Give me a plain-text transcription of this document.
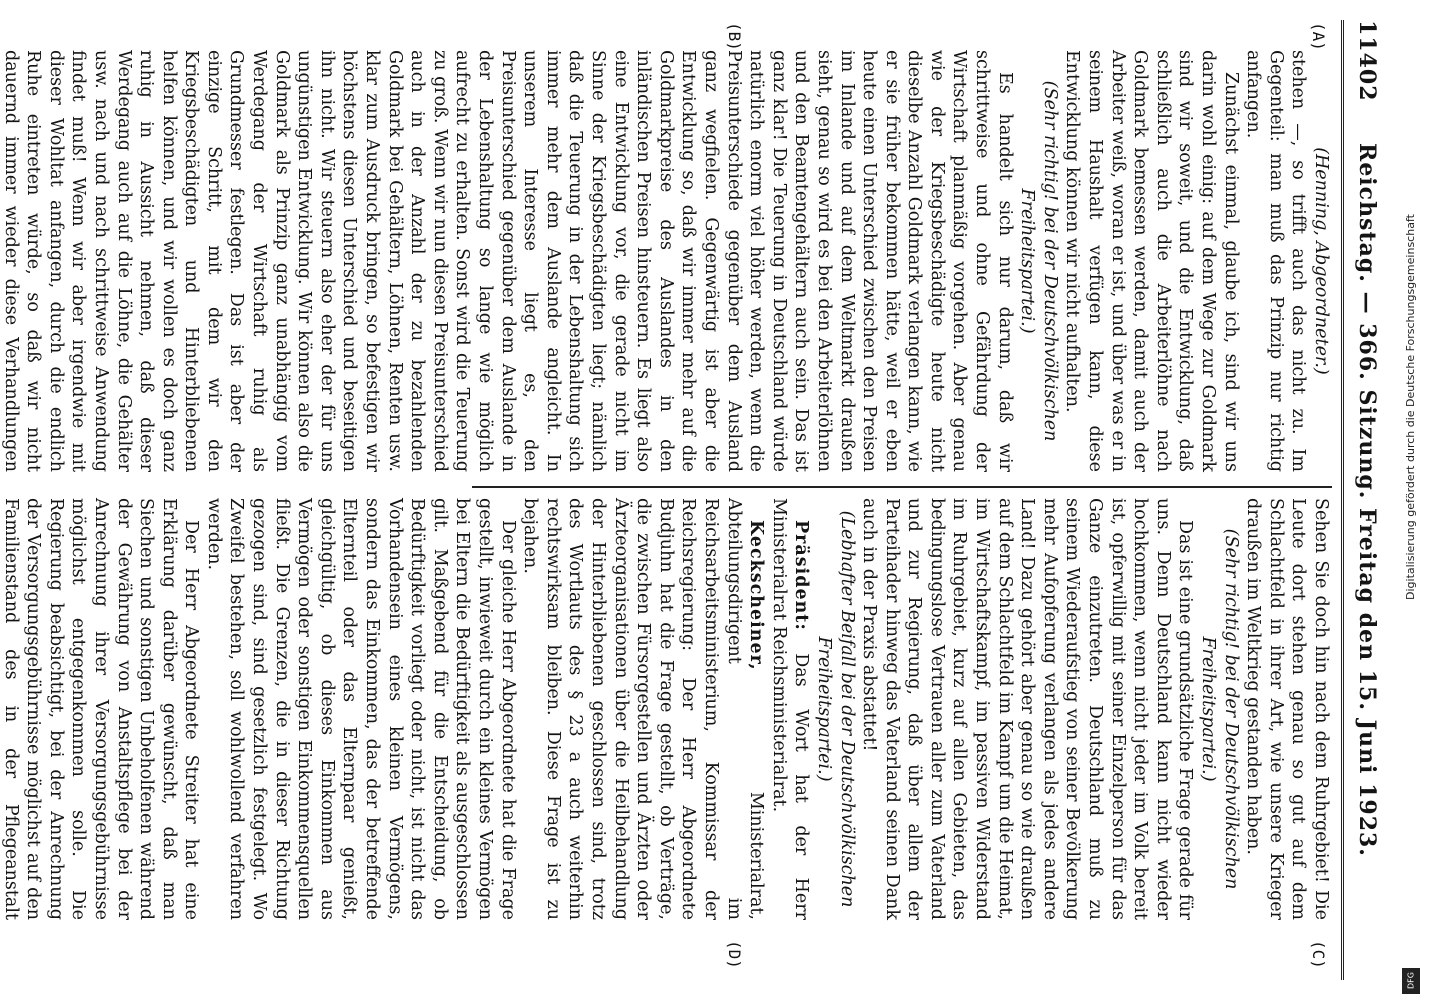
11402
Reichstag. — 366. Sitzung. Freitag den 15. Juni 1923.
(A)
(B)
(C)
(D)

(Henning, Abgeordneter.)

stehen —, so trifft auch das nicht zu. Im Gegenteil: man muß das Prinzip nur richtig anfangen.

Zunächst einmal, glaube ich, sind wir uns darin wohl einig: auf dem Wege zur Goldmark sind wir soweit, und die Entwicklung, daß schließlich auch die Arbeiterlöhne nach Goldmark bemessen werden, damit auch der Arbeiter weiß, woran er ist, und über was er in seinem Haushalt verfügen kann, diese Entwicklung können wir nicht aufhalten.

(Sehr richtig! bei der Deutschvölkischen Freiheitspartei.)

Es handelt sich nur darum, daß wir schrittweise und ohne Gefährdung der Wirtschaft planmäßig vorgehen. Aber genau wie der Kriegsbeschädigte heute nicht dieselbe Anzahl Goldmark verlangen kann, wie er sie früher bekommen hätte, weil er eben heute einen Unterschied zwischen den Preisen im Inlande und auf dem Weltmarkt draußen sieht, genau so wird es bei den Arbeiterlöhnen und den Beamtengehältern auch sein. Das ist ganz klar! Die Teuerung in Deutschland würde natürlich enorm viel höher werden, wenn die Preisunterschiede gegenüber dem Ausland ganz wegfielen. Gegenwärtig ist aber die Entwicklung so, daß wir immer mehr auf die Goldmarkpreise des Auslandes in den inländischen Preisen hinsteuern. Es liegt also eine Entwicklung vor, die gerade nicht im Sinne der Kriegsbeschädigten liegt; nämlich daß die Teuerung in der Lebenshaltung sich immer mehr dem Auslande angleicht. In unserem Interesse liegt es, den Preisunterschied gegenüber dem Auslande in der Lebenshaltung so lange wie möglich aufrecht zu erhalten. Sonst wird die Teuerung zu groß. Wenn wir nun diesen Preisunterschied auch in der Anzahl der zu bezahlenden Goldmark bei Gehältern, Löhnen, Renten usw. klar zum Ausdruck bringen, so befestigen wir höchstens diesen Unterschied und beseitigen ihn nicht. Wir steuern also eher der für uns ungünstigen Entwicklung. Wir können also die Goldmark als Prinzip ganz unabhängig vom Werdegang der Wirtschaft ruhig als Grundmesser festlegen. Das ist aber der einzige Schritt, mit dem wir den Kriegsbeschädigten und Hinterbliebenen helfen können, und wir wollen es doch ganz ruhig in Aussicht nehmen, daß dieser Werdegang auch auf die Löhne, die Gehälter usw. nach und nach schrittweise Anwendung findet muß! Wenn wir aber irgendwie mit dieser Wohltat anfangen, durch die endlich Ruhe eintreten würde, so daß wir nicht dauernd immer wieder diese Verhandlungen

Sehen Sie doch hin nach dem Ruhrgebiet! Die Leute dort stehen genau so gut auf dem Schlachtfeld in ihrer Art, wie unsere Krieger draußen im Weltkrieg gestanden haben.

(Sehr richtig! bei der Deutschvölkischen Freiheitspartei.)

Das ist eine grundsätzliche Frage gerade für uns. Denn Deutschland kann nicht wieder hochkommen, wenn nicht jeder im Volk bereit ist, opferwillig mit seiner Einzelperson für das Ganze einzutreten. Deutschland muß zu seinem Wiederaufstieg von seiner Bevölkerung mehr Aufopferung verlangen als jedes andere Land! Dazu gehört aber genau so wie draußen auf dem Schlachtfeld im Kampf um die Heimat, im Wirtschaftskampf, im passiven Widerstand im Ruhrgebiet, kurz auf allen Gebieten, das bedingungslose Vertrauen aller zum Vaterland und zur Regierung, daß über allem der Parteihader hinweg das Vaterland seinen Dank auch in der Praxis abstattet!

(Lebhafter Beifall bei der Deutschvölkischen Freiheitspartei.)

Präsident: Das Wort hat der Herr Ministerialrat Reichsministerialrat.

Keckscheiner, Ministerialrat, Abteilungsdirigent im Reichsarbeitsministerium, Kommissar der Reichsregierung: Der Herr Abgeordnete Budjuhn hat die Frage gestellt, ob Verträge, die zwischen Fürsorgestellen und Ärzten oder Ärzteorganisationen über die Heilbehandlung der Hinterbliebenen geschlossen sind, trotz des Wortlauts des § 23 a auch weiterhin rechtswirksam bleiben. Diese Frage ist zu bejahen.

Der gleiche Herr Abgeordnete hat die Frage gestellt, inwieweit durch ein kleines Vermögen bei Eltern die Bedürftigkeit als ausgeschlossen gilt. Maßgebend für die Entscheidung, ob Bedürftigkeit vorliegt oder nicht, ist nicht das Vorhandensein eines kleinen Vermögens, sondern das Einkommen, das der betreffende Elternteil oder das Elternpaar genießt, gleichgültig, ob dieses Einkommen aus Vermögen oder sonstigen Einkommensquellen fließt. Die Grenzen, die in dieser Richtung gezogen sind, sind gesetzlich festgelegt. Wo Zweifel bestehen, soll wohlwollend verfahren werden.

Der Herr Abgeordnete Streiter hat eine Erklärung darüber gewünscht, daß man Siechen und sonstigen Unbeholfenen während der Gewährung von Anstaltspflege bei der Anrechnung ihrer Versorgungsgebührnisse möglichst entgegenkommen solle. Die Regierung beabsichtigt, bei der Anrechnung der Versorgungsgebührnisse möglichst auf den Familienstand des in der Pflegeanstalt

Digitalisierung gefördert durch die Deutsche Forschungsgemeinschaft
DFG
